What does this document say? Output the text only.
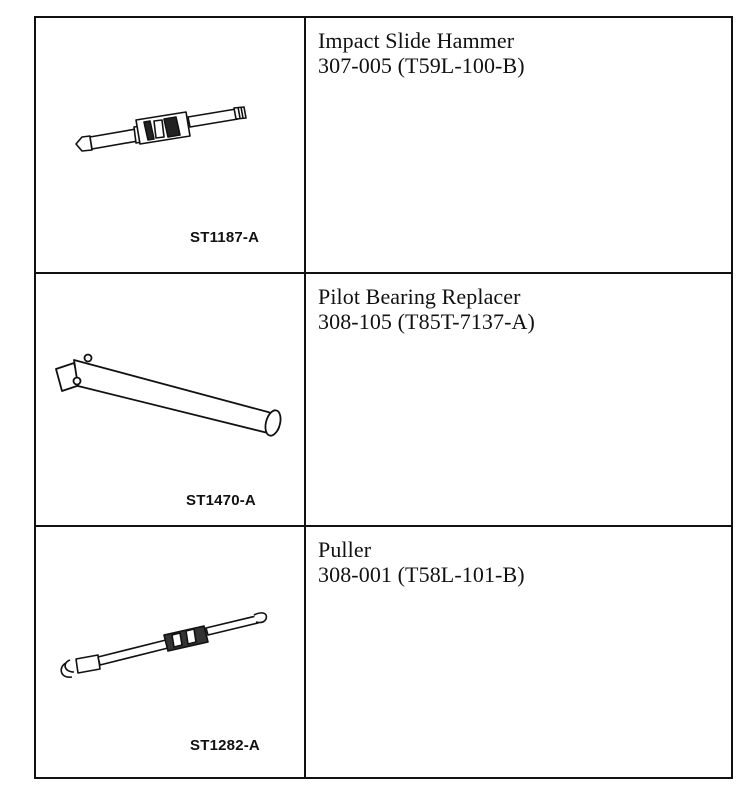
ST1187-A
Impact Slide Hammer
307-005 (T59L-100-B)
ST1470-A
Pilot Bearing Replacer
308-105 (T85T-7137-A)
ST1282-A
Puller
308-001 (T58L-101-B)
